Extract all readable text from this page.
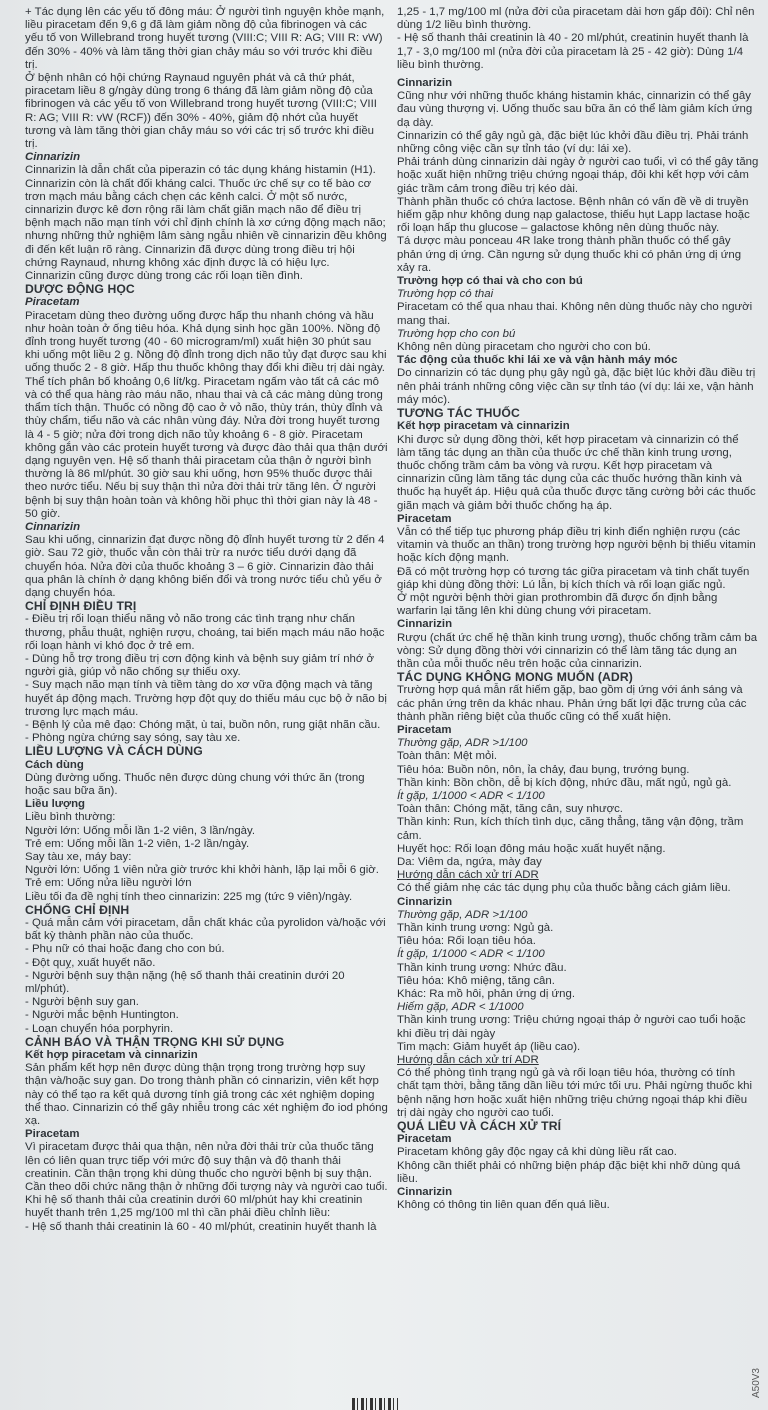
+ Tác dụng lên các yếu tố đông máu: Ở người tình nguyện khỏe mạnh, liều piracetam đến 9,6 g đã làm giảm nồng độ của fibrinogen và các yếu tố von Willebrand trong huyết tương (VIII:C; VIII R: AG; VIII R: vW) đến 30% - 40% và làm tăng thời gian chảy máu so với trước khi điều trị.

Ở bệnh nhân có hội chứng Raynaud nguyên phát và cả thứ phát, piracetam liều 8 g/ngày dùng trong 6 tháng đã làm giảm nồng độ của fibrinogen và các yếu tố von Willebrand trong huyết tương (VIII:C; VIII R: AG; VIII R: vW (RCF)) đến 30% - 40%, giảm độ nhớt của huyết tương và làm tăng thời gian chảy máu so với các trị số trước khi điều trị.

Cinnarizin

Cinnarizin là dẫn chất của piperazin có tác dụng kháng histamin (H1).

Cinnarizin còn là chất đối kháng calci. Thuốc ức chế sự co tế bào cơ trơn mạch máu bằng cách chẹn các kênh calci. Ở một số nước, cinnarizin được kê đơn rộng rãi làm chất giãn mạch não để điều trị bệnh mạch não mạn tính với chỉ định chính là xơ cứng động mạch não; nhưng những thử nghiệm lâm sàng ngẫu nhiên về cinnarizin đều không đi đến kết luận rõ ràng. Cinnarizin đã được dùng trong điều trị hội chứng Raynaud, nhưng không xác định được là có hiệu lực.

Cinnarizin cũng được dùng trong các rối loạn tiền đình.

DƯỢC ĐỘNG HỌC

Piracetam

Piracetam dùng theo đường uống được hấp thu nhanh chóng và hầu như hoàn toàn ở ống tiêu hóa. Khả dụng sinh học gần 100%. Nồng độ đỉnh trong huyết tương (40 - 60 microgram/ml) xuất hiện 30 phút sau khi uống một liều 2 g. Nồng độ đỉnh trong dịch não tủy đạt được sau khi uống thuốc 2 - 8 giờ. Hấp thu thuốc không thay đổi khi điều trị dài ngày. Thể tích phân bố khoảng 0,6 lít/kg. Piracetam ngấm vào tất cả các mô và có thể qua hàng rào máu não, nhau thai và cả các màng dùng trong thẩm tích thận. Thuốc có nồng độ cao ở vỏ não, thùy trán, thùy đỉnh và thùy chẩm, tiểu não và các nhân vùng đáy. Nửa đời trong huyết tương là 4 - 5 giờ; nửa đời trong dịch não tủy khoảng 6 - 8 giờ. Piracetam không gắn vào các protein huyết tương và được đào thải qua thận dưới dạng nguyên vẹn. Hệ số thanh thải piracetam của thận ở người bình thường là 86 ml/phút. 30 giờ sau khi uống, hơn 95% thuốc được thải theo nước tiểu. Nếu bị suy thận thì nửa đời thải trừ tăng lên. Ở người bệnh bị suy thận hoàn toàn và không hồi phục thì thời gian này là 48 - 50 giờ.

Cinnarizin

Sau khi uống, cinnarizin đạt được nồng độ đỉnh huyết tương từ 2 đến 4 giờ. Sau 72 giờ, thuốc vẫn còn thải trừ ra nước tiểu dưới dạng đã chuyển hóa. Nửa đời của thuốc khoảng 3 – 6 giờ. Cinnarizin đào thải qua phân là chính ở dạng không biến đổi và trong nước tiểu chủ yếu ở dạng chuyển hóa.

CHỈ ĐỊNH ĐIỀU TRỊ

- Điều trị rối loạn thiểu năng vỏ não trong các tình trạng như chấn thương, phẫu thuật, nghiện rượu, choáng, tai biến mạch máu não hoặc rối loạn hành vi khó đọc ở trẻ em.

- Dùng hỗ trợ trong điều trị cơn động kinh và bệnh suy giảm trí nhớ ở người già, giúp vỏ não chống sự thiếu oxy.

- Suy mạch não mạn tính và tiềm tàng do xơ vữa động mạch và tăng huyết áp động mạch. Trường hợp đột quỵ do thiếu máu cục bộ ở não bị trương lực mạch máu.

- Bệnh lý của mê đạo: Chóng mặt, ù tai, buồn nôn, rung giật nhãn cầu.

- Phòng ngừa chứng say sóng, say tàu xe.

LIỀU LƯỢNG VÀ CÁCH DÙNG

Cách dùng

Dùng đường uống. Thuốc nên được dùng chung với thức ăn (trong hoặc sau bữa ăn).

Liều lượng

Liều bình thường:

Người lớn: Uống mỗi lần 1-2 viên, 3 lần/ngày.

Trẻ em: Uống mỗi lần 1-2 viên, 1-2 lần/ngày.

Say tàu xe, máy bay:

Người lớn: Uống 1 viên nửa giờ trước khi khởi hành, lặp lại mỗi 6 giờ.

Trẻ em: Uống nửa liều người lớn

Liều tối đa đề nghị tính theo cinnarizin: 225 mg (tức 9 viên)/ngày.

CHỐNG CHỈ ĐỊNH

- Quá mẫn cảm với piracetam, dẫn chất khác của pyrolidon và/hoặc với bất kỳ thành phần nào của thuốc.

- Phụ nữ có thai hoặc đang cho con bú.

- Đột quỵ, xuất huyết não.

- Người bệnh suy thận nặng (hệ số thanh thải creatinin dưới 20 ml/phút).

- Người bệnh suy gan.

- Người mắc bệnh Huntington.

- Loạn chuyển hóa porphyrin.

CẢNH BÁO VÀ THẬN TRỌNG KHI SỬ DỤNG

Kết hợp piracetam và cinnarizin

Sản phẩm kết hợp nên được dùng thận trọng trong trường hợp suy thận và/hoặc suy gan. Do trong thành phần có cinnarizin, viên kết hợp này có thể tạo ra kết quả dương tính giả trong các xét nghiệm doping thể thao. Cinnarizin có thể gây nhiễu trong các xét nghiệm đo iod phóng xạ.

Piracetam

Vì piracetam được thải qua thận, nên nửa đời thải trừ của thuốc tăng lên có liên quan trực tiếp với mức độ suy thận và độ thanh thải creatinin. Cần thận trọng khi dùng thuốc cho người bệnh bị suy thận. Cần theo dõi chức năng thận ở những đối tượng này và người cao tuổi.

Khi hệ số thanh thải của creatinin dưới 60 ml/phút hay khi creatinin huyết thanh trên 1,25 mg/100 ml thì cần phải điều chỉnh liều:

- Hệ số thanh thải creatinin là 60 - 40 ml/phút, creatinin huyết thanh là

1,25 - 1,7 mg/100 ml (nửa đời của piracetam dài hơn gấp đôi): Chỉ nên dùng 1/2 liều bình thường.

- Hệ số thanh thải creatinin là 40 - 20 ml/phút, creatinin huyết thanh là 1,7 - 3,0 mg/100 ml (nửa đời của piracetam là 25 - 42 giờ): Dùng 1/4 liều bình thường.

Cinnarizin

Cũng như với những thuốc kháng histamin khác, cinnarizin có thể gây đau vùng thượng vị. Uống thuốc sau bữa ăn có thể làm giảm kích ứng dạ dày.

Cinnarizin có thể gây ngủ gà, đặc biệt lúc khởi đầu điều trị. Phải tránh những công việc cần sự tỉnh táo (ví dụ: lái xe).

Phải tránh dùng cinnarizin dài ngày ở người cao tuổi, vì có thể gây tăng hoặc xuất hiện những triệu chứng ngoại tháp, đôi khi kết hợp với cảm giác trầm cảm trong điều trị kéo dài.

Thành phần thuốc có chứa lactose. Bệnh nhân có vấn đề về di truyền hiếm gặp như không dung nạp galactose, thiếu hụt Lapp lactase hoặc rối loạn hấp thu glucose – galactose không nên dùng thuốc này.

Tá dược màu ponceau 4R lake trong thành phần thuốc có thể gây phản ứng dị ứng. Cần ngưng sử dụng thuốc khi có phản ứng dị ứng xảy ra.

Trường hợp có thai và cho con bú

Trường hợp có thai

Piracetam có thể qua nhau thai. Không nên dùng thuốc này cho người mang thai.

Trường hợp cho con bú

Không nên dùng piracetam cho người cho con bú.

Tác động của thuốc khi lái xe và vận hành máy móc

Do cinnarizin có tác dụng phụ gây ngủ gà, đặc biệt lúc khởi đầu điều trị nên phải tránh những công việc cần sự tỉnh táo (ví dụ: lái xe, vận hành máy móc).

TƯƠNG TÁC THUỐC

Kết hợp piracetam và cinnarizin

Khi được sử dụng đồng thời, kết hợp piracetam và cinnarizin có thể làm tăng tác dụng an thần của thuốc ức chế thần kinh trung ương, thuốc chống trầm cảm ba vòng và rượu. Kết hợp piracetam và cinnarizin cũng làm tăng tác dụng của các thuốc hướng thần kinh và thuốc hạ huyết áp. Hiệu quả của thuốc được tăng cường bởi các thuốc giãn mạch và giảm bởi thuốc chống hạ áp.

Piracetam

Vẫn có thể tiếp tục phương pháp điều trị kinh điển nghiện rượu (các vitamin và thuốc an thần) trong trường hợp người bệnh bị thiếu vitamin hoặc kích động mạnh.

Đã có một trường hợp có tương tác giữa piracetam và tinh chất tuyến giáp khi dùng đồng thời: Lú lẫn, bị kích thích và rối loạn giấc ngủ.

Ở một người bệnh thời gian prothrombin đã được ổn định bằng warfarin lại tăng lên khi dùng chung với piracetam.

Cinnarizin

Rượu (chất ức chế hệ thần kinh trung ương), thuốc chống trầm cảm ba vòng: Sử dụng đồng thời với cinnarizin có thể làm tăng tác dụng an thần của mỗi thuốc nêu trên hoặc của cinnarizin.

TÁC DỤNG KHÔNG MONG MUỐN (ADR)

Trường hợp quá mẫn rất hiếm gặp, bao gồm dị ứng với ánh sáng và các phản ứng trên da khác nhau. Phản ứng bất lợi đặc trưng của các thành phần riêng biệt của thuốc cũng có thể xuất hiện.

Piracetam

Thường gặp, ADR >1/100

Toàn thân: Mệt mỏi.

Tiêu hóa: Buồn nôn, nôn, ỉa chảy, đau bụng, trướng bụng.

Thần kinh: Bồn chồn, dễ bị kích động, nhức đầu, mất ngủ, ngủ gà.

Ít gặp, 1/1000 < ADR < 1/100

Toàn thân: Chóng mặt, tăng cân, suy nhược.

Thần kinh: Run, kích thích tình dục, căng thẳng, tăng vận động, trầm cảm.

Huyết học: Rối loạn đông máu hoặc xuất huyết nặng.

Da: Viêm da, ngứa, mày đay

Hướng dẫn cách xử trí ADR

Có thể giảm nhẹ các tác dụng phụ của thuốc bằng cách giảm liều.

Cinnarizin

Thường gặp, ADR >1/100

Thần kinh trung ương: Ngủ gà.

Tiêu hóa: Rối loạn tiêu hóa.

Ít gặp, 1/1000 < ADR < 1/100

Thần kinh trung ương: Nhức đầu.

Tiêu hóa: Khô miệng, tăng cân.

Khác: Ra mồ hôi, phản ứng dị ứng.

Hiếm gặp, ADR < 1/1000

Thần kinh trung ương: Triệu chứng ngoại tháp ở người cao tuổi hoặc khi điều trị dài ngày

Tim mạch: Giảm huyết áp (liều cao).

Hướng dẫn cách xử trí ADR

Có thể phòng tình trạng ngủ gà và rối loạn tiêu hóa, thường có tính chất tạm thời, bằng tăng dần liều tới mức tối ưu. Phải ngừng thuốc khi bệnh nặng hơn hoặc xuất hiện những triệu chứng ngoại tháp khi điều trị dài ngày cho người cao tuổi.

QUÁ LIỀU VÀ CÁCH XỬ TRÍ

Piracetam

Piracetam không gây độc ngay cả khi dùng liều rất cao.

Không cần thiết phải có những biện pháp đặc biệt khi nhỡ dùng quá liều.

Cinnarizin

Không có thông tin liên quan đến quá liều.

A50V3
